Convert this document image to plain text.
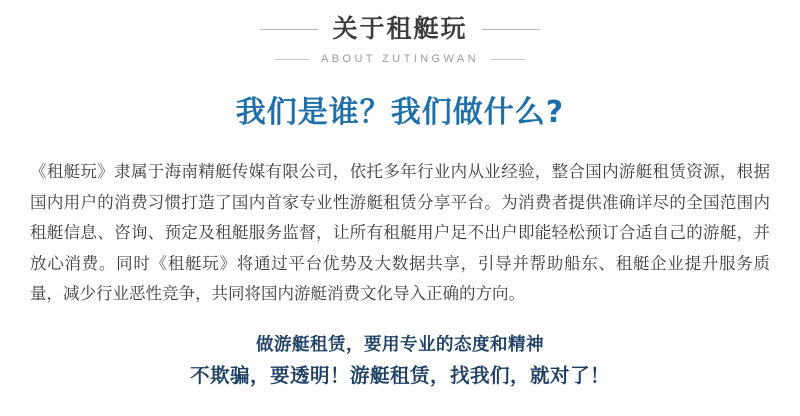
关于租艇玩
ABOUT ZUTINGWAN
我们是谁？我们做什么?

《租艇玩》隶属于海南精艇传媒有限公司，依托多年行业内从业经验，整合国内游艇租赁资源，根据国内用户的消费习惯打造了国内首家专业性游艇租赁分享平台。为消费者提供准确详尽的全国范围内租艇信息、咨询、预定及租艇服务监督，让所有租艇用户足不出户即能轻松预订合适自己的游艇，并放心消费。同时《租艇玩》将通过平台优势及大数据共享，引导并帮助船东、租艇企业提升服务质量，减少行业恶性竞争，共同将国内游艇消费文化导入正确的方向。

做游艇租赁，要用专业的态度和精神
不欺骗，要透明！游艇租赁，找我们，就对了！
